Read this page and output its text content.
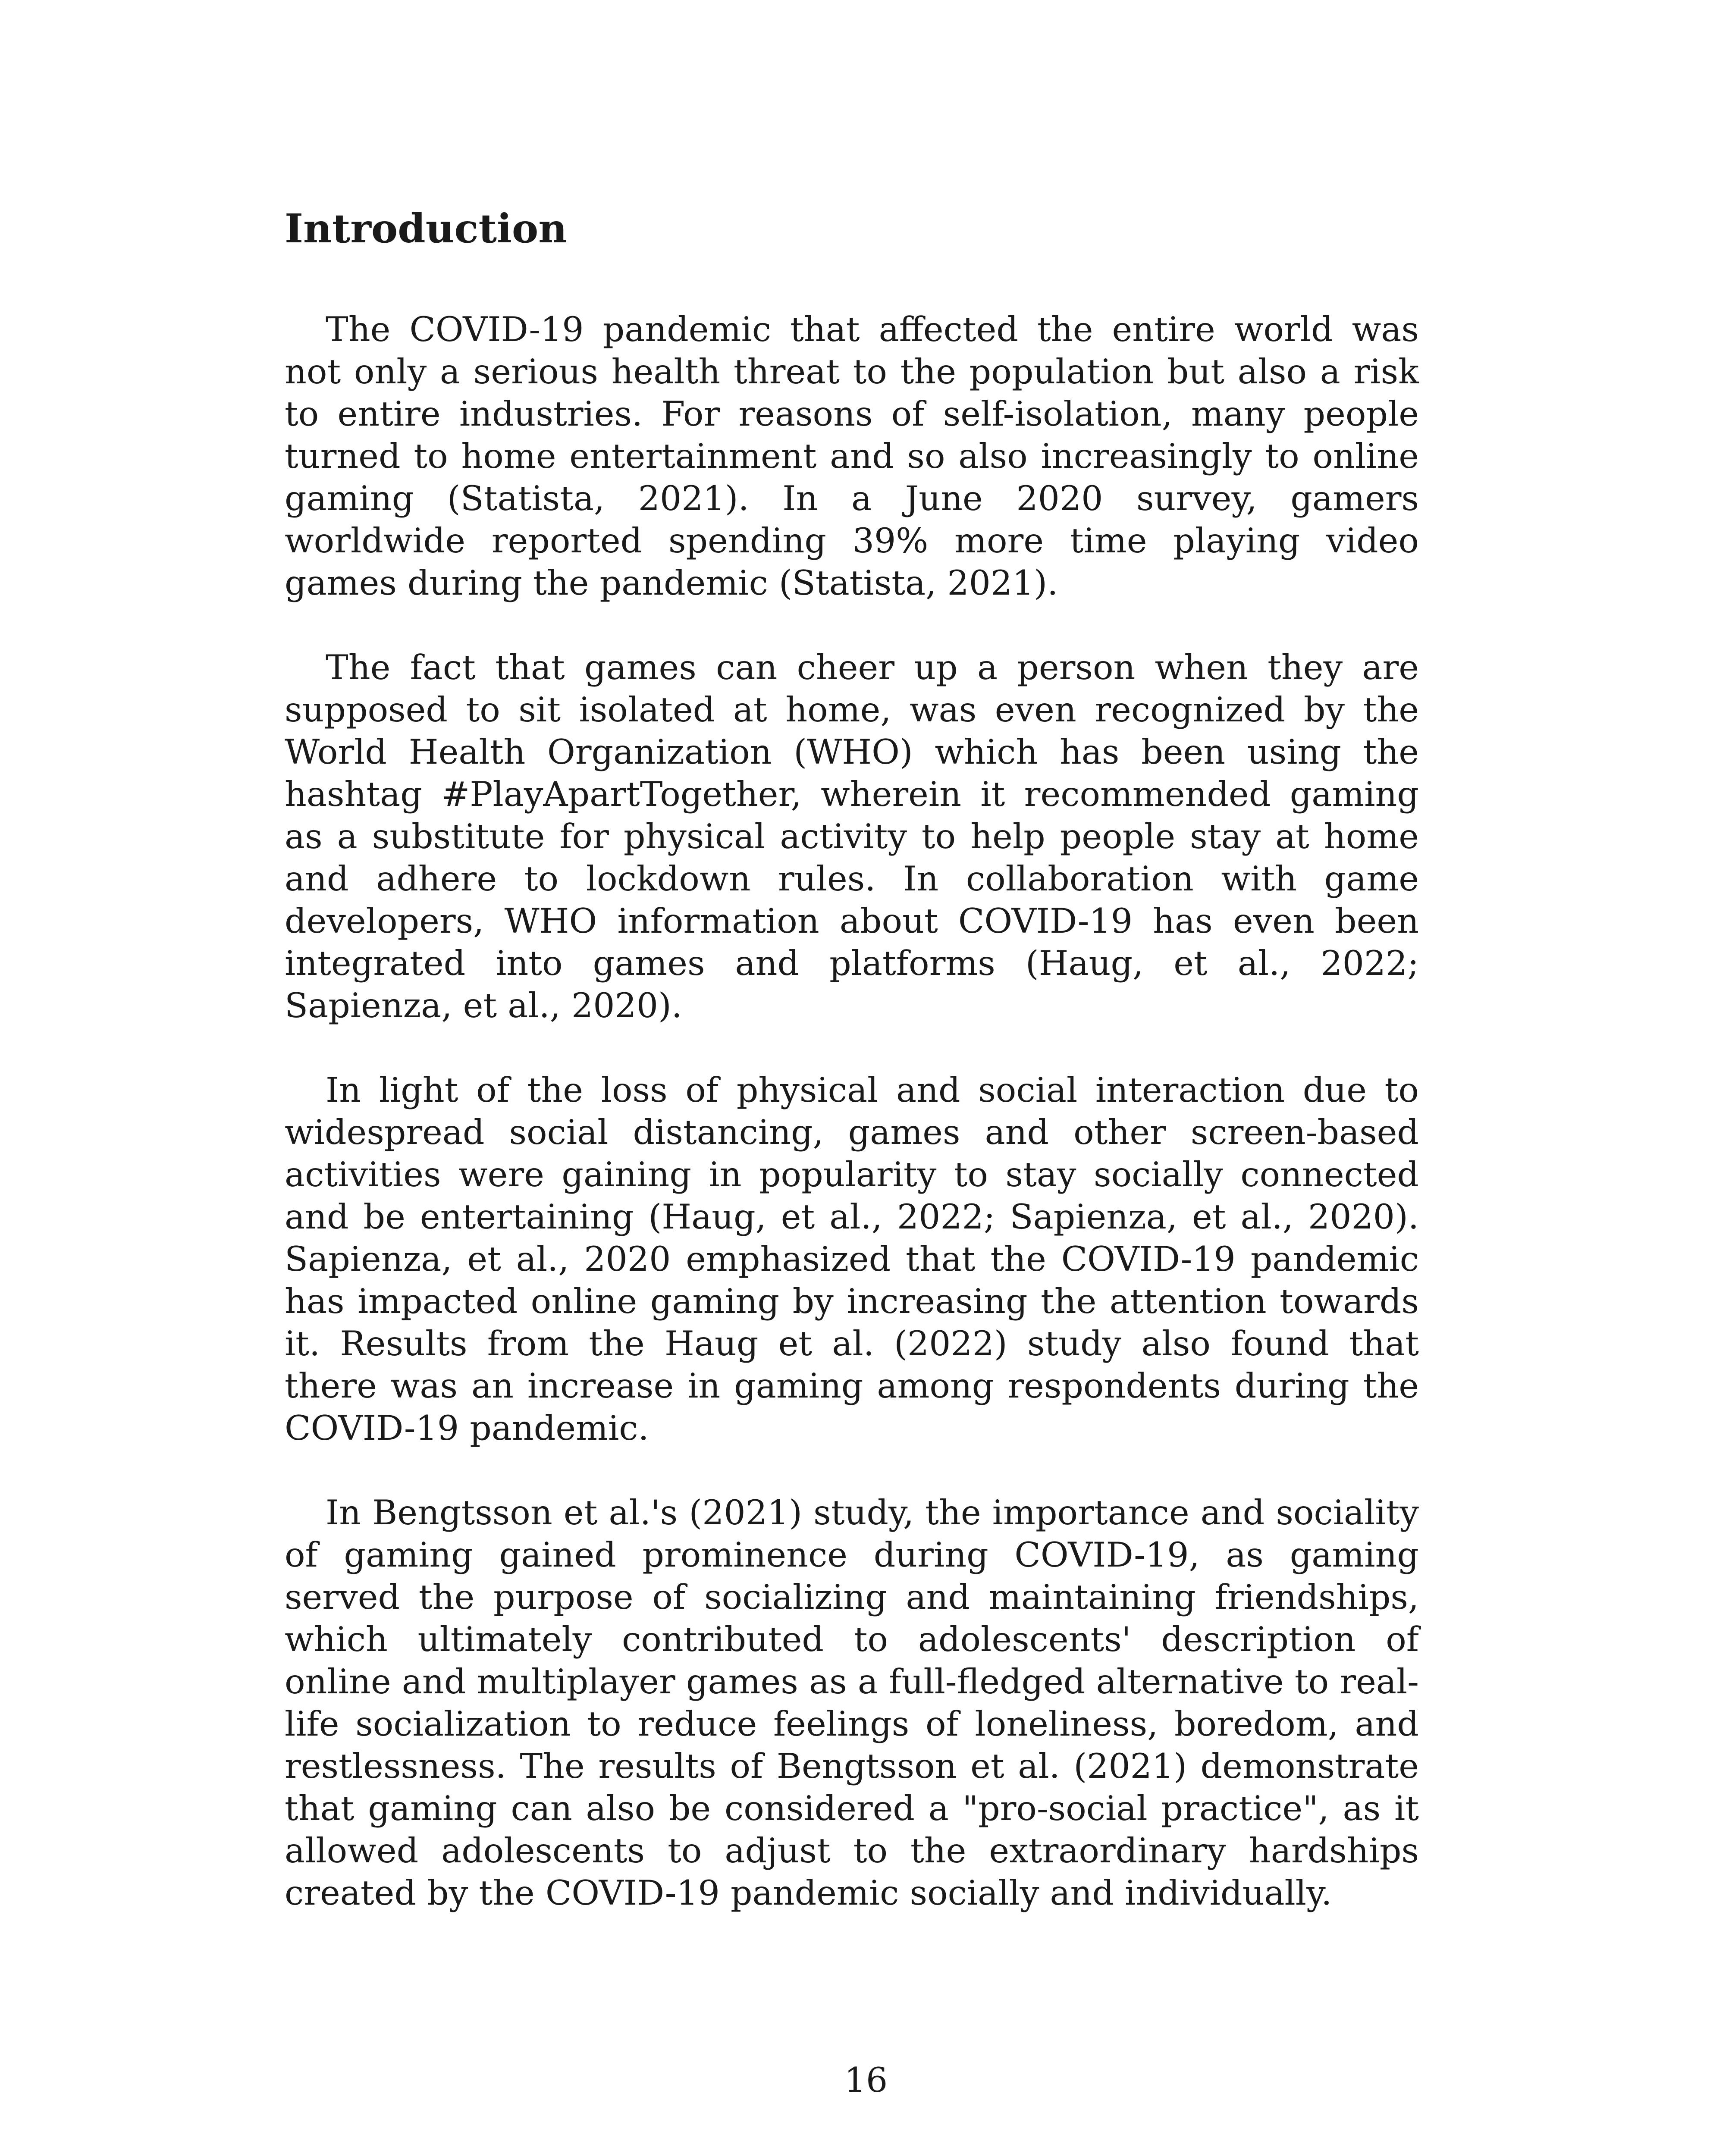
Introduction

The COVID-19 pandemic that affected the entire world was not only a serious health threat to the population but also a risk to entire industries. For reasons of self-isolation, many people turned to home entertainment and so also increasingly to online gaming (Statista, 2021). In a June 2020 survey, gamers worldwide reported spending 39% more time playing video games during the pandemic (Statista, 2021).

The fact that games can cheer up a person when they are supposed to sit isolated at home, was even recognized by the World Health Organization (WHO) which has been using the hashtag #PlayApartTogether, wherein it recommended gaming as a substitute for physical activity to help people stay at home and adhere to lockdown rules. In collaboration with game developers, WHO information about COVID-19 has even been integrated into games and platforms (Haug, et al., 2022; Sapienza, et al., 2020).

In light of the loss of physical and social interaction due to widespread social distancing, games and other screen-based activities were gaining in popularity to stay socially connected and be entertaining (Haug, et al., 2022; Sapienza, et al., 2020). Sapienza, et al., 2020 emphasized that the COVID-19 pandemic has impacted online gaming by increasing the attention towards it. Results from the Haug et al. (2022) study also found that there was an increase in gaming among respondents during the COVID-19 pandemic.

In Bengtsson et al.'s (2021) study, the importance and sociality of gaming gained prominence during COVID-19, as gaming served the purpose of socializing and maintaining friendships, which ultimately contributed to adolescents' description of online and multiplayer games as a full-fledged alternative to real-life socialization to reduce feelings of loneliness, boredom, and restlessness. The results of Bengtsson et al. (2021) demonstrate that gaming can also be considered a "pro-social practice", as it allowed adolescents to adjust to the extraordinary hardships created by the COVID-19 pandemic socially and individually.

16
